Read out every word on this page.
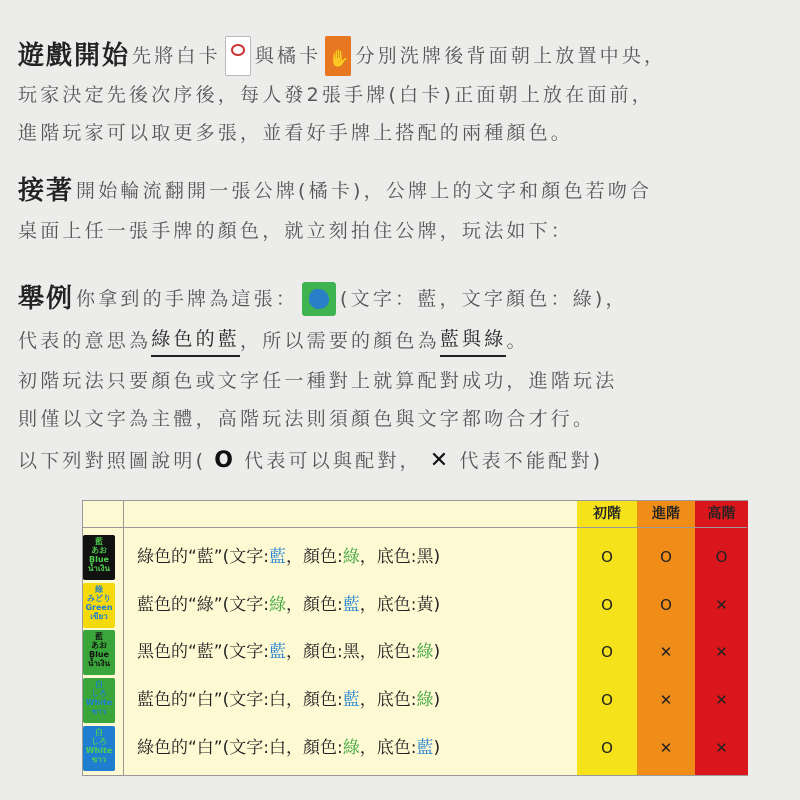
遊戲開始 先將白卡 與橘卡
✋ 分別洗牌後背面朝上放置中央，
玩家決定先後次序後，每人發2張手牌(白卡)正面朝上放在面前，
進階玩家可以取更多張，並看好手牌上搭配的兩種顏色。
接著 開始輪流翻開一張公牌(橘卡)，公牌上的文字和顏色若吻合
桌面上任一張手牌的顏色，就立刻拍住公牌，玩法如下：
舉例 你拿到的手牌為這張： (文字：藍，文字顏色：綠)，
代表的意思為 綠色的藍 ，所以需要的顏色為 藍與綠 。
初階玩法只要顏色或文字任一種對上就算配對成功，進階玩法
則僅以文字為主體，高階玩法則須顏色與文字都吻合才行。
以下列對照圖說明( O 代表可以與配對， ✕ 代表不能配對)
初階	進階	高階
藍
あお
Blue
น้ำเงิน
綠色的“藍”(文字:藍，顏色:綠，底色:黑)	O	O	O
綠
みどり
Green
เขียว
藍色的“綠”(文字:綠，顏色:藍，底色:黃)	O	O	✕
藍
あお
Blue
น้ำเงิน
黑色的“藍”(文字:藍，顏色:黑，底色:綠)	O	✕	✕
白
しろ
White
ขาว
藍色的“白”(文字:白，顏色:藍，底色:綠)	O	✕	✕
白
しろ
White
ขาว
綠色的“白”(文字:白，顏色:綠，底色:藍)	O	✕	✕
